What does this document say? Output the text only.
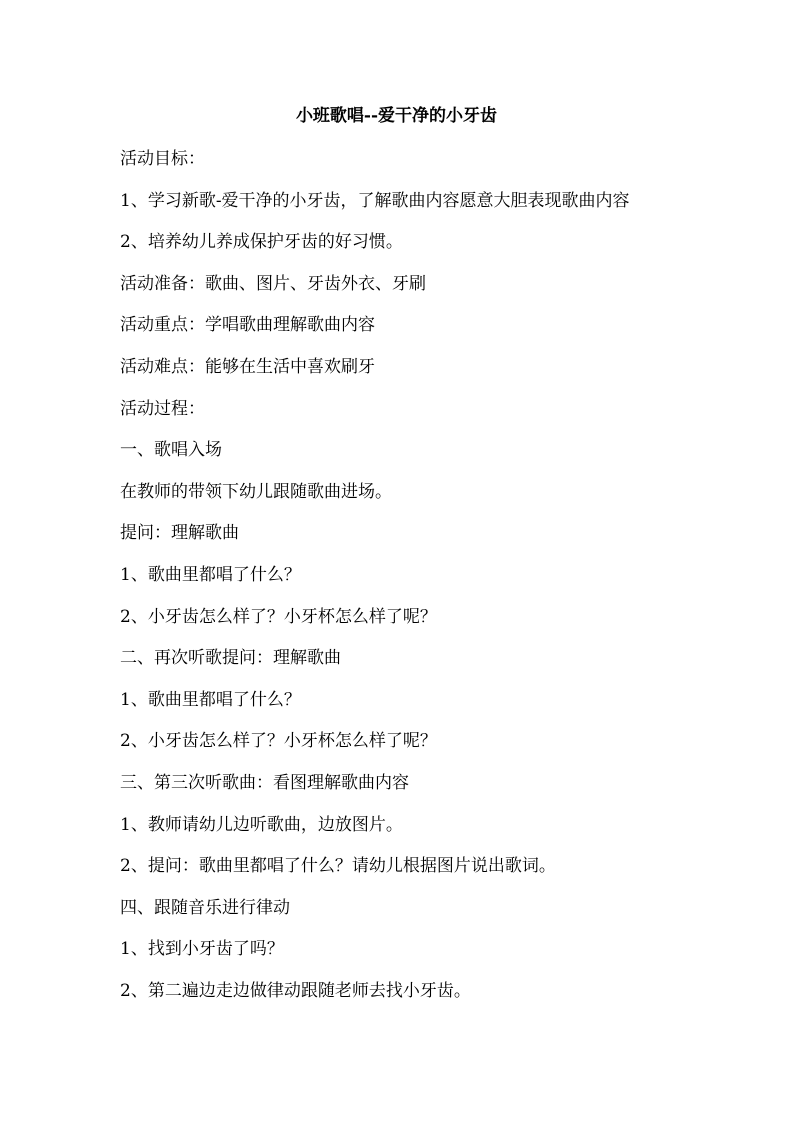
小班歌唱--爱干净的小牙齿
活动目标：
1、学习新歌-爱干净的小牙齿，了解歌曲内容愿意大胆表现歌曲内容
2、培养幼儿养成保护牙齿的好习惯。
活动准备：歌曲、图片、牙齿外衣、牙刷
活动重点：学唱歌曲理解歌曲内容
活动难点：能够在生活中喜欢刷牙
活动过程：
一、歌唱入场
在教师的带领下幼儿跟随歌曲进场。
提问：理解歌曲
1、歌曲里都唱了什么？
2、小牙齿怎么样了？小牙杯怎么样了呢？
二、再次听歌提问：理解歌曲
1、歌曲里都唱了什么？
2、小牙齿怎么样了？小牙杯怎么样了呢？
三、第三次听歌曲：看图理解歌曲内容
1、教师请幼儿边听歌曲，边放图片。
2、提问：歌曲里都唱了什么？请幼儿根据图片说出歌词。
四、跟随音乐进行律动
1、找到小牙齿了吗？
2、第二遍边走边做律动跟随老师去找小牙齿。
